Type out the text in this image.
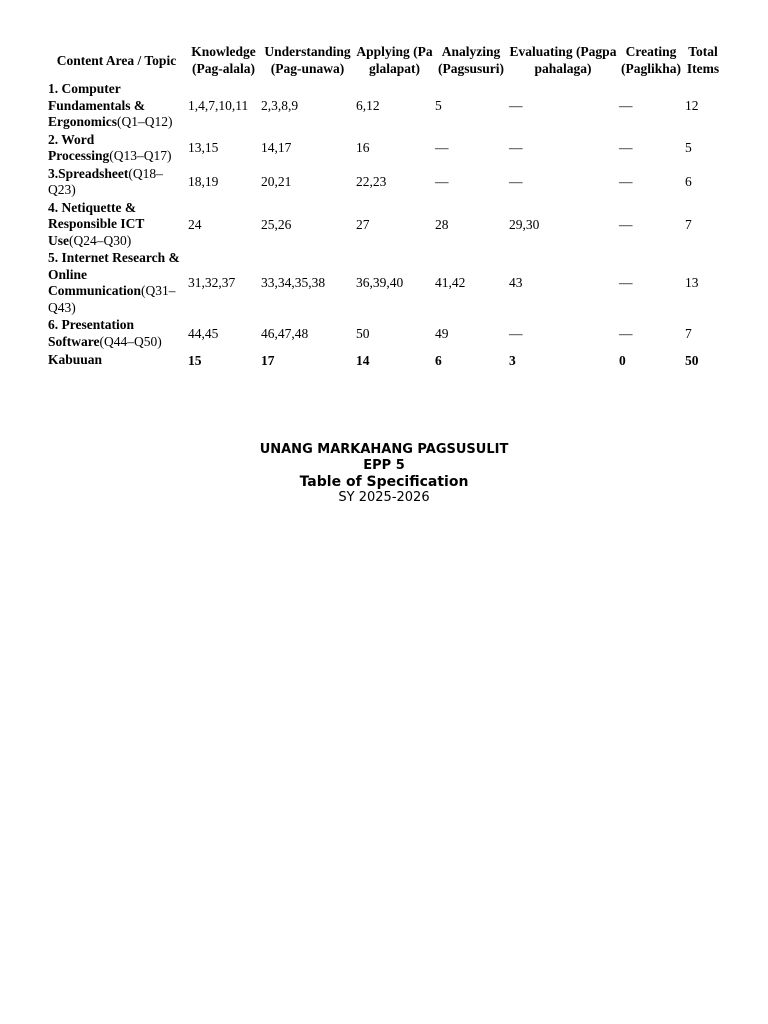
Content Area / Topic	Knowledge (Pag-alala)	Understanding (Pag-unawa)	Applying (Paglalapat)	Analyzing (Pagsusuri)	Evaluating (Pagpapahalaga)	Creating (Paglikha)	Total Items
1. Computer Fundamentals & Ergonomics(Q1–Q12)	1,4,7,10,11	2,3,8,9	6,12	5	—	—	12
2. Word Processing(Q13–Q17)	13,15	14,17	16	—	—	—	5
3.Spreadsheet(Q18–Q23)	18,19	20,21	22,23	—	—	—	6
4. Netiquette & Responsible ICT Use(Q24–Q30)	24	25,26	27	28	29,30	—	7
5. Internet Research & Online Communication(Q31–Q43)	31,32,37	33,34,35,38	36,39,40	41,42	43	—	13
6. Presentation Software(Q44–Q50)	44,45	46,47,48	50	49	—	—	7
Kabuuan	15	17	14	6	3	0	50
UNANG MARKAHANG PAGSUSULIT
EPP 5
Table of Specification
SY 2025-2026
